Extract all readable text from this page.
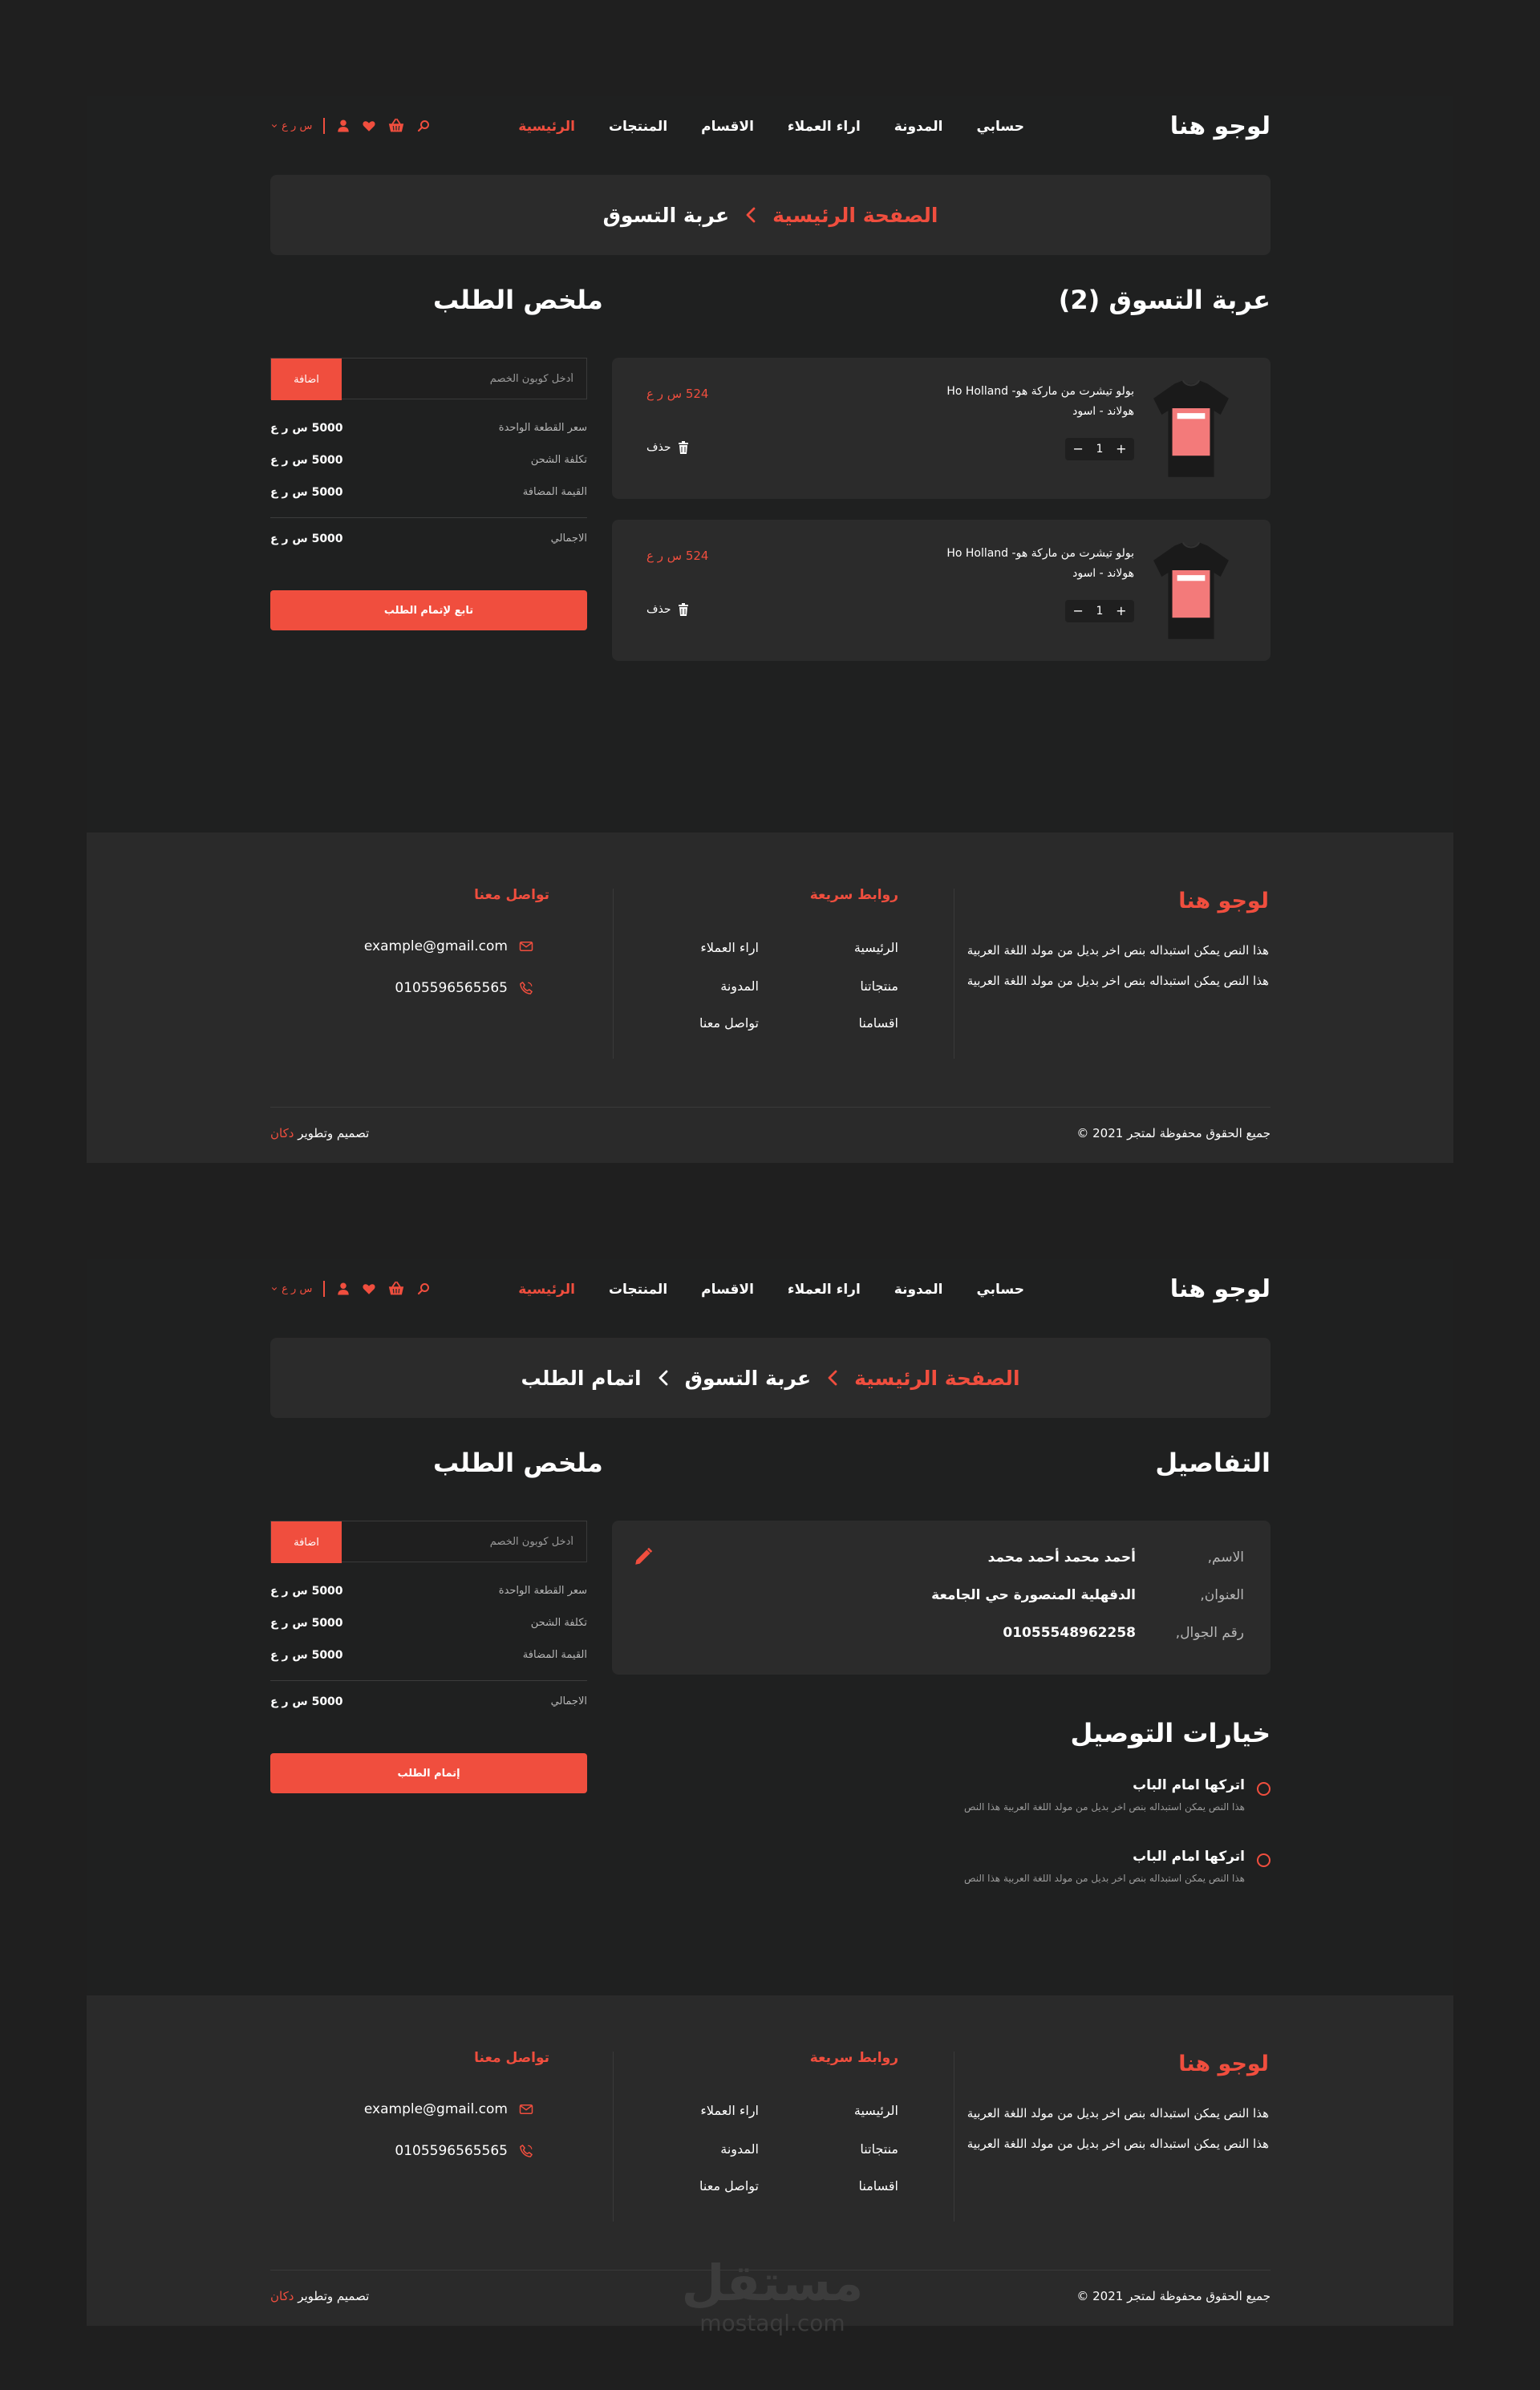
لوجو هنا
الرئيسية المنتجات الاقسام اراء العملاء المدونة حسابي
س ر ع
الصفحة الرئيسية
عربة التسوق
عربة التسوق (2)
ملخص الطلب
بولو تيشرت من ماركة هو- Ho Holland هولاند - اسود
524 س ر ع
− 1 +
حذف
بولو تيشرت من ماركة هو- Ho Holland هولاند - اسود
524 س ر ع
− 1 +
حذف
أدخل كوبون الخصم
اضافة
سعر القطعة الواحدة
5000 س ر ع
تكلفة الشحن
5000 س ر ع
القيمة المضافة
5000 س ر ع
الاجمالي
5000 س ر ع
تابع لإتمام الطلب
لوجو هنا
هذا النص يمكن استبداله بنص اخر بديل من مولد اللغة العربية هذا النص يمكن استبداله بنص اخر بديل من مولد اللغة العربية
روابط سريعة
الرئيسية
منتجاتنا
اقسامنا
اراء العملاء
المدونة
تواصل معنا
تواصل معنا
example@gmail.com
0105596565565
جميع الحقوق محفوظة لمتجر 2021 ©
تصميم وتطوير دكان
لوجو هنا
الرئيسية المنتجات الاقسام اراء العملاء المدونة حسابي
س ر ع
الصفحة الرئيسية
عربة التسوق
اتمام الطلب
التفاصيل
ملخص الطلب
الاسم,
أحمد محمد أحمد محمد
العنوان,
الدقهلية المنصورة حي الجامعة
رقم الجوال,
01055548962258
خيارات التوصيل
اتركها امام الباب
هذا النص يمكن استبداله بنص اخر بديل من مولد اللغة العربية هذا النص
اتركها امام الباب
هذا النص يمكن استبداله بنص اخر بديل من مولد اللغة العربية هذا النص
أدخل كوبون الخصم
اضافة
سعر القطعة الواحدة
5000 س ر ع
تكلفة الشحن
5000 س ر ع
القيمة المضافة
5000 س ر ع
الاجمالي
5000 س ر ع
إتمام الطلب
لوجو هنا
هذا النص يمكن استبداله بنص اخر بديل من مولد اللغة العربية هذا النص يمكن استبداله بنص اخر بديل من مولد اللغة العربية
روابط سريعة
الرئيسية
منتجاتنا
اقسامنا
اراء العملاء
المدونة
تواصل معنا
تواصل معنا
example@gmail.com
0105596565565
جميع الحقوق محفوظة لمتجر 2021 ©
تصميم وتطوير دكان	مستقل
mostaql.com
